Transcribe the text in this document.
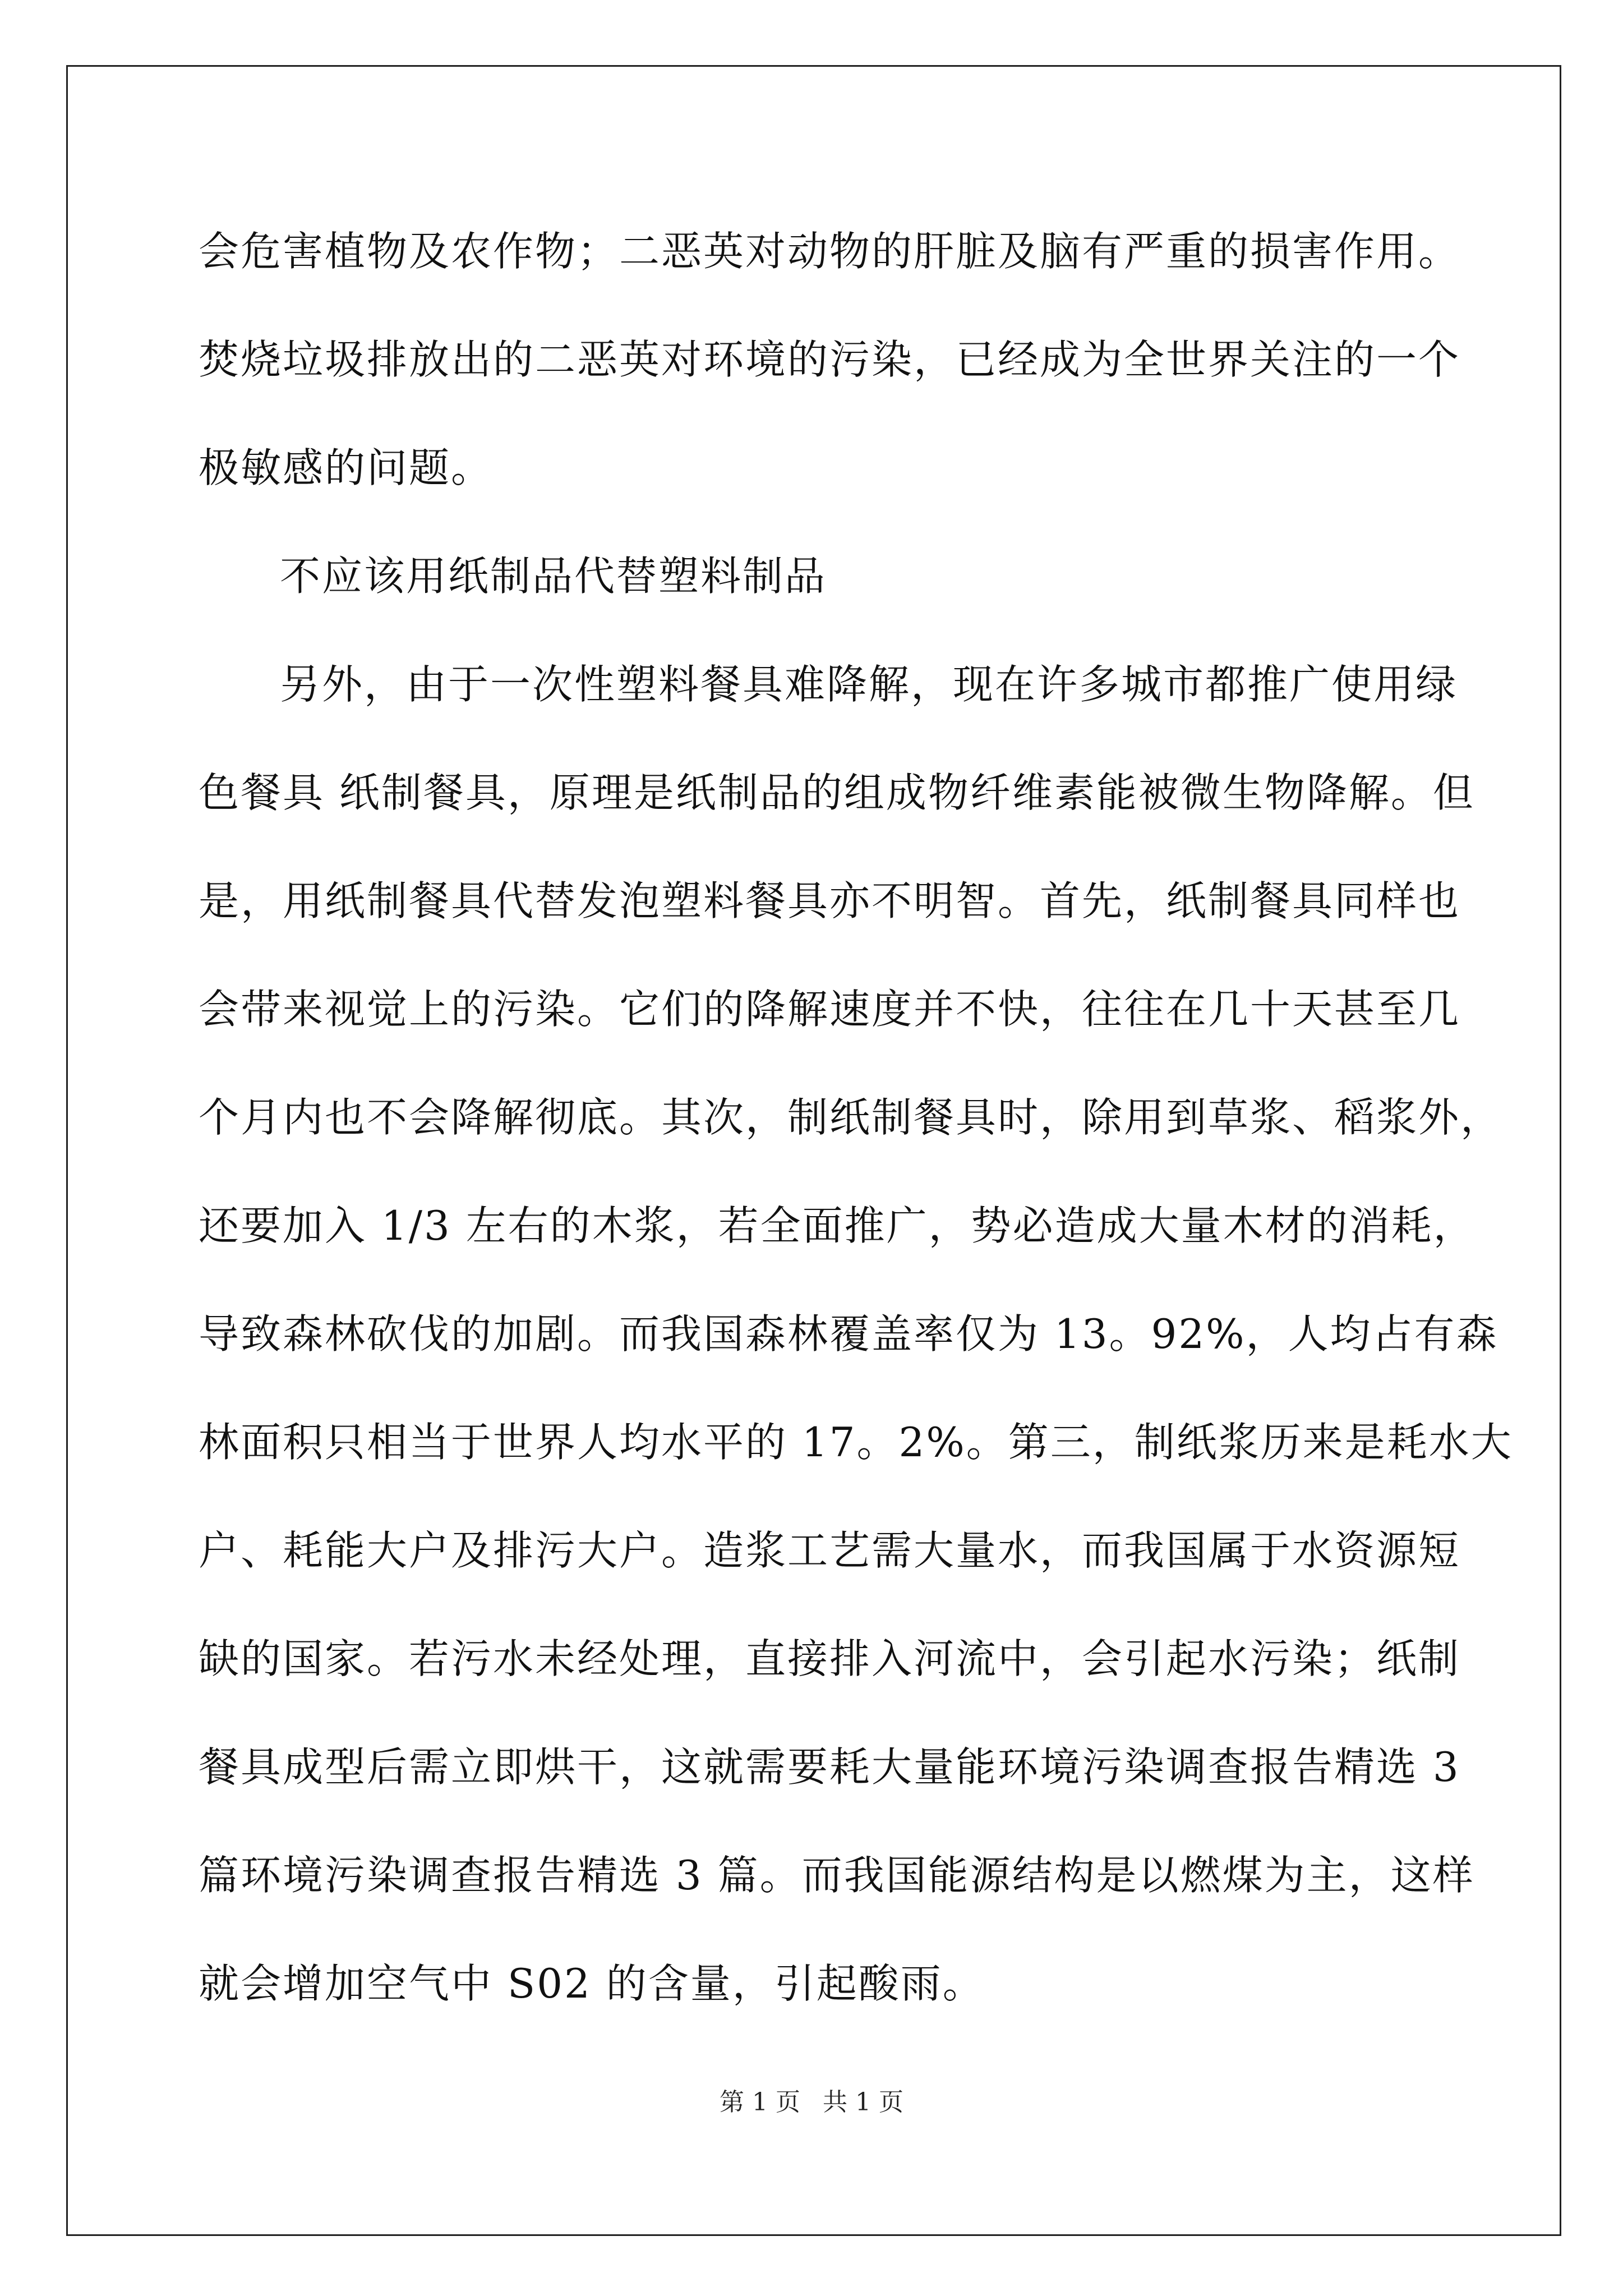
会危害植物及农作物；二恶英对动物的肝脏及脑有严重的损害作用。
焚烧垃圾排放出的二恶英对环境的污染，已经成为全世界关注的一个
极敏感的问题。
不应该用纸制品代替塑料制品
另外，由于一次性塑料餐具难降解，现在许多城市都推广使用绿
色餐具 纸制餐具，原理是纸制品的组成物纤维素能被微生物降解。但
是，用纸制餐具代替发泡塑料餐具亦不明智。首先，纸制餐具同样也
会带来视觉上的污染。它们的降解速度并不快，往往在几十天甚至几
个月内也不会降解彻底。其次，制纸制餐具时，除用到草浆、稻浆外，
还要加入 1/3 左右的木浆，若全面推广，势必造成大量木材的消耗，
导致森林砍伐的加剧。而我国森林覆盖率仅为 13。92%，人均占有森
林面积只相当于世界人均水平的 17。2%。第三，制纸浆历来是耗水大
户、耗能大户及排污大户。造浆工艺需大量水，而我国属于水资源短
缺的国家。若污水未经处理，直接排入河流中，会引起水污染；纸制
餐具成型后需立即烘干，这就需要耗大量能环境污染调查报告精选 3
篇环境污染调查报告精选 3 篇。而我国能源结构是以燃煤为主，这样
就会增加空气中 S02 的含量，引起酸雨。
第 1 页 共 1 页
